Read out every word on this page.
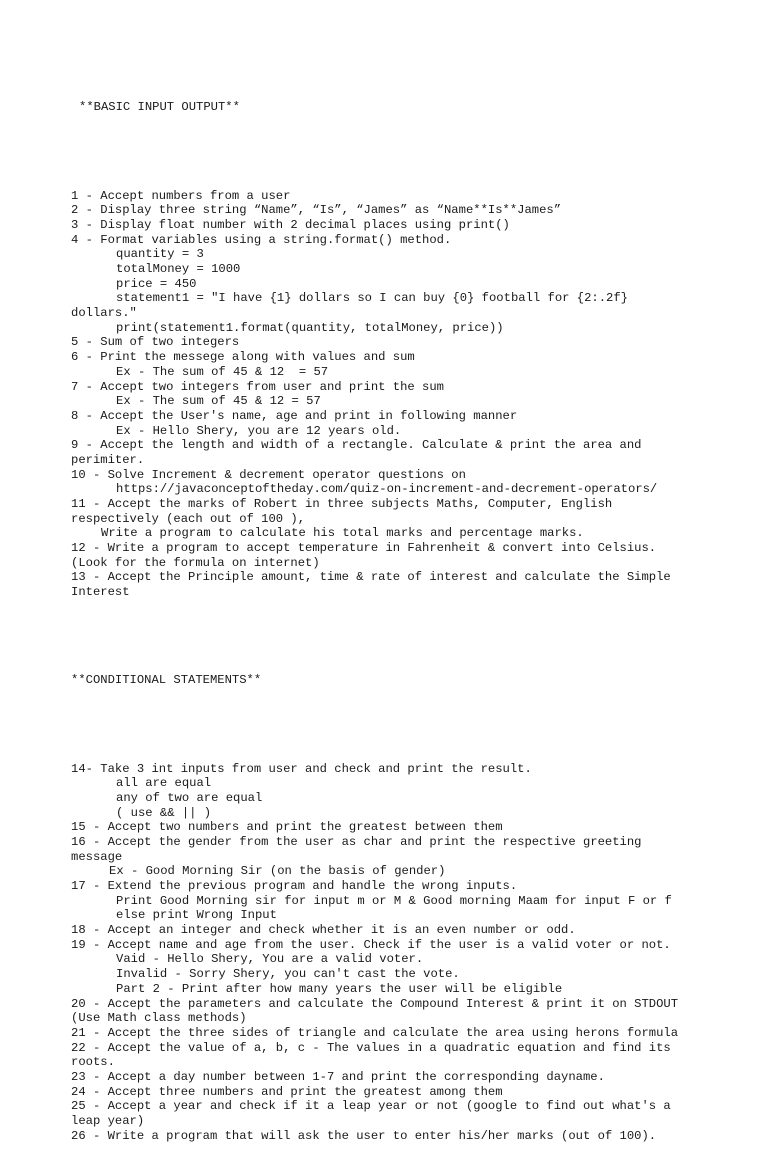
**BASIC INPUT OUTPUT**

1 - Accept numbers from a user
2 - Display three string “Name”, “Is”, “James” as “Name**Is**James”
3 - Display float number with 2 decimal places using print()
4 - Format variables using a string.format() method.
quantity = 3
totalMoney = 1000
price = 450
statement1 = "I have {1} dollars so I can buy {0} football for {2:.2f}
dollars."
print(statement1.format(quantity, totalMoney, price))
5 - Sum of two integers
6 - Print the messege along with values and sum
Ex - The sum of 45 & 12  = 57
7 - Accept two integers from user and print the sum
Ex - The sum of 45 & 12 = 57
8 - Accept the User's name, age and print in following manner
Ex - Hello Shery, you are 12 years old.
9 - Accept the length and width of a rectangle. Calculate & print the area and
perimiter.
10 - Solve Increment & decrement operator questions on
https://javaconceptoftheday.com/quiz-on-increment-and-decrement-operators/
11 - Accept the marks of Robert in three subjects Maths, Computer, English
respectively (each out of 100 ),
Write a program to calculate his total marks and percentage marks.
12 - Write a program to accept temperature in Fahrenheit & convert into Celsius.
(Look for the formula on internet)
13 - Accept the Principle amount, time & rate of interest and calculate the Simple
Interest

**CONDITIONAL STATEMENTS**

14- Take 3 int inputs from user and check and print the result.
all are equal
any of two are equal
( use && || )
15 - Accept two numbers and print the greatest between them
16 - Accept the gender from the user as char and print the respective greeting
message
Ex - Good Morning Sir (on the basis of gender)
17 - Extend the previous program and handle the wrong inputs.
Print Good Morning sir for input m or M & Good morning Maam for input F or f
else print Wrong Input
18 - Accept an integer and check whether it is an even number or odd.
19 - Accept name and age from the user. Check if the user is a valid voter or not.
Vaid - Hello Shery, You are a valid voter.
Invalid - Sorry Shery, you can't cast the vote.
Part 2 - Print after how many years the user will be eligible
20 - Accept the parameters and calculate the Compound Interest & print it on STDOUT
(Use Math class methods)
21 - Accept the three sides of triangle and calculate the area using herons formula
22 - Accept the value of a, b, c - The values in a quadratic equation and find its
roots.
23 - Accept a day number between 1-7 and print the corresponding dayname.
24 - Accept three numbers and print the greatest among them
25 - Accept a year and check if it a leap year or not (google to find out what's a
leap year)
26 - Write a program that will ask the user to enter his/her marks (out of 100).
